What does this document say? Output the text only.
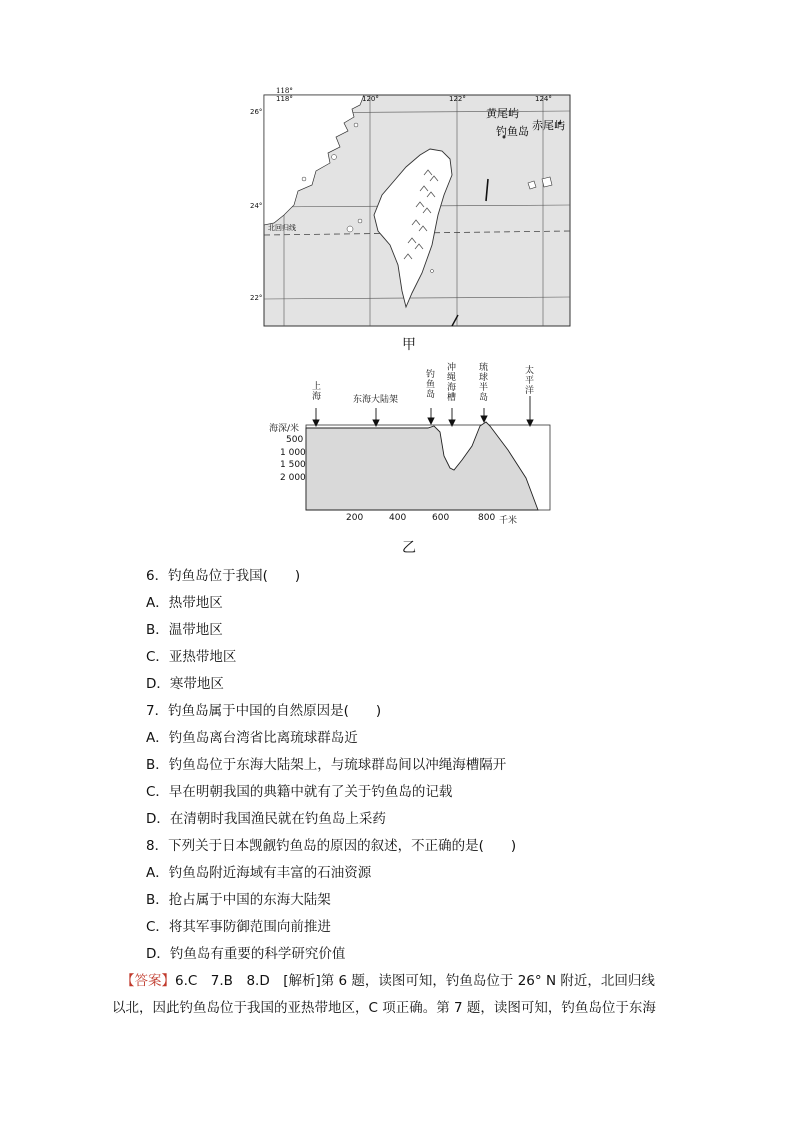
黄尾屿
赤尾屿
钓鱼岛
北回归线
118°
118°	120°	122°	124°
26°
24°
22°
甲
海深/米
500
1 000
1 500
2 000
200	400	600	800 千米
上海	东海大陆架
钓鱼岛
冲绳海槽
琉球半岛
太平洋
乙
6．钓鱼岛位于我国(　　)
A．热带地区
B．温带地区
C．亚热带地区
D．寒带地区
7．钓鱼岛属于中国的自然原因是(　　)
A．钓鱼岛离台湾省比离琉球群岛近
B．钓鱼岛位于东海大陆架上，与琉球群岛间以冲绳海槽隔开
C．早在明朝我国的典籍中就有了关于钓鱼岛的记载
D．在清朝时我国渔民就在钓鱼岛上采药
8．下列关于日本觊觎钓鱼岛的原因的叙述，不正确的是(　　)
A．钓鱼岛附近海域有丰富的石油资源
B．抢占属于中国的东海大陆架
C．将其军事防御范围向前推进
D．钓鱼岛有重要的科学研究价值
【答案】6.C　7.B　8.D　[解析]第 6 题，读图可知，钓鱼岛位于 26° N 附近，北回归线
以北，因此钓鱼岛位于我国的亚热带地区，C 项正确。第 7 题，读图可知，钓鱼岛位于东海
